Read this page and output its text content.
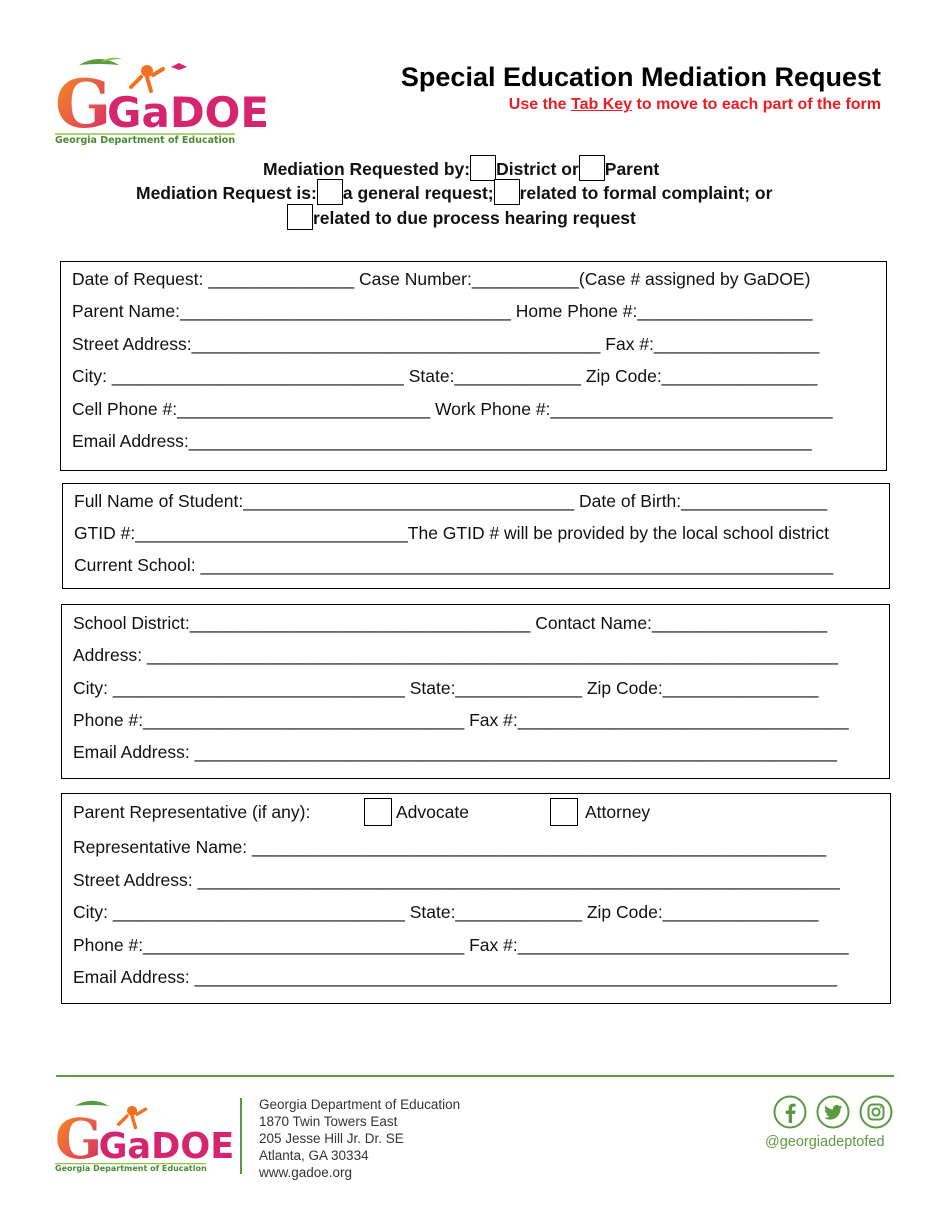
G
GaDOE
Georgia Department of Education
Special Education Mediation Request
Use the Tab Key to move to each part of the form
Mediation Requested by: District or Parent
Mediation Request is: a general request; related to formal complaint; or
related to due process hearing request
Date of Request: _______________ Case Number:___________(Case # assigned by GaDOE)
Parent Name:__________________________________ Home Phone #:__________________
Street Address:__________________________________________ Fax #:_________________
City: ______________________________ State:_____________ Zip Code:________________
Cell Phone #:__________________________ Work Phone #:_____________________________
Email Address:________________________________________________________________
Full Name of Student:__________________________________ Date of Birth:_______________
GTID #:____________________________The GTID # will be provided by the local school district
Current School: _________________________________________________________________
School District:___________________________________ Contact Name:__________________
Address: _______________________________________________________________________
City: ______________________________ State:_____________ Zip Code:________________
Phone #:_________________________________ Fax #:__________________________________
Email Address: __________________________________________________________________
Parent Representative (if any):	Advocate	Attorney
Representative Name: ___________________________________________________________
Street Address: __________________________________________________________________
City: ______________________________ State:_____________ Zip Code:________________
Phone #:_________________________________ Fax #:__________________________________
Email Address: __________________________________________________________________
G
GaDOE
Georgia Department of Education
Georgia Department of Education
1870 Twin Towers East
205 Jesse Hill Jr. Dr. SE
Atlanta, GA 30334
www.gadoe.org
@georgiadeptofed
